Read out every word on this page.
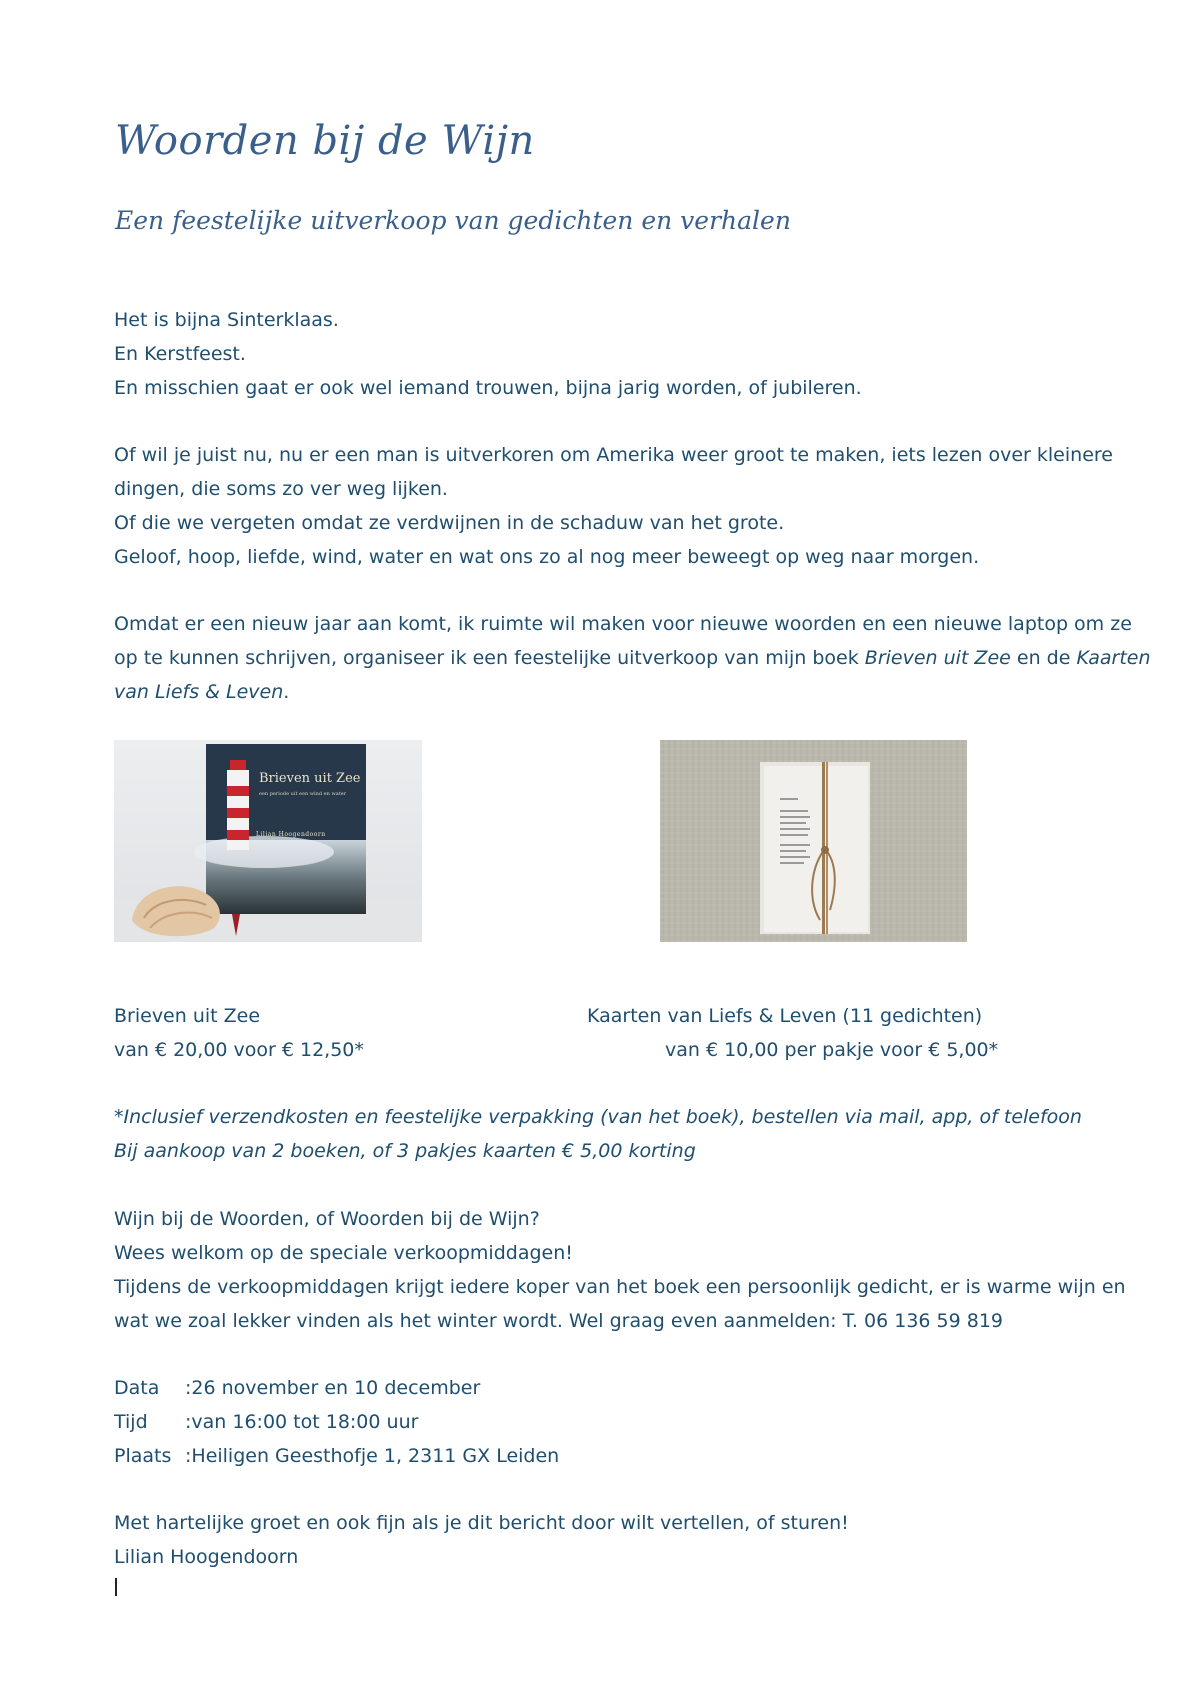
Woorden bij de Wijn
Een feestelijke uitverkoop van gedichten en verhalen

Het is bijna Sinterklaas.

En Kerstfeest.

En misschien gaat er ook wel iemand trouwen, bijna jarig worden, of jubileren.

Of wil je juist nu, nu er een man is uitverkoren om Amerika weer groot te maken, iets lezen over kleinere

dingen, die soms zo ver weg lijken.

Of die we vergeten omdat ze verdwijnen in de schaduw van het grote.

Geloof, hoop, liefde, wind, water en wat ons zo al nog meer beweegt op weg naar morgen.

Omdat er een nieuw jaar aan komt, ik ruimte wil maken voor nieuwe woorden en een nieuwe laptop om ze

op te kunnen schrijven, organiseer ik een feestelijke uitverkoop van mijn boek Brieven uit Zee en de Kaarten

van Liefs & Leven.

Brieven uit Zee
een periode uit een wind en water
Lilian Hoogendoorn

Brieven uit Zee

van € 20,00 voor € 12,50*

Kaarten van Liefs & Leven (11 gedichten)

van € 10,00 per pakje voor € 5,00*

*Inclusief verzendkosten en feestelijke verpakking (van het boek), bestellen via mail, app, of telefoon

Bij aankoop van 2 boeken, of 3 pakjes kaarten € 5,00 korting

Wijn bij de Woorden, of Woorden bij de Wijn?

Wees welkom op de speciale verkoopmiddagen!

Tijdens de verkoopmiddagen krijgt iedere koper van het boek een persoonlijk gedicht, er is warme wijn en

wat we zoal lekker vinden als het winter wordt. Wel graag even aanmelden: T. 06 136 59 819

Data :26 november en 10 december

Tijd :van 16:00 tot 18:00 uur

Plaats :Heiligen Geesthofje 1, 2311 GX Leiden

Met hartelijke groet en ook fijn als je dit bericht door wilt vertellen, of sturen!

Lilian Hoogendoorn
